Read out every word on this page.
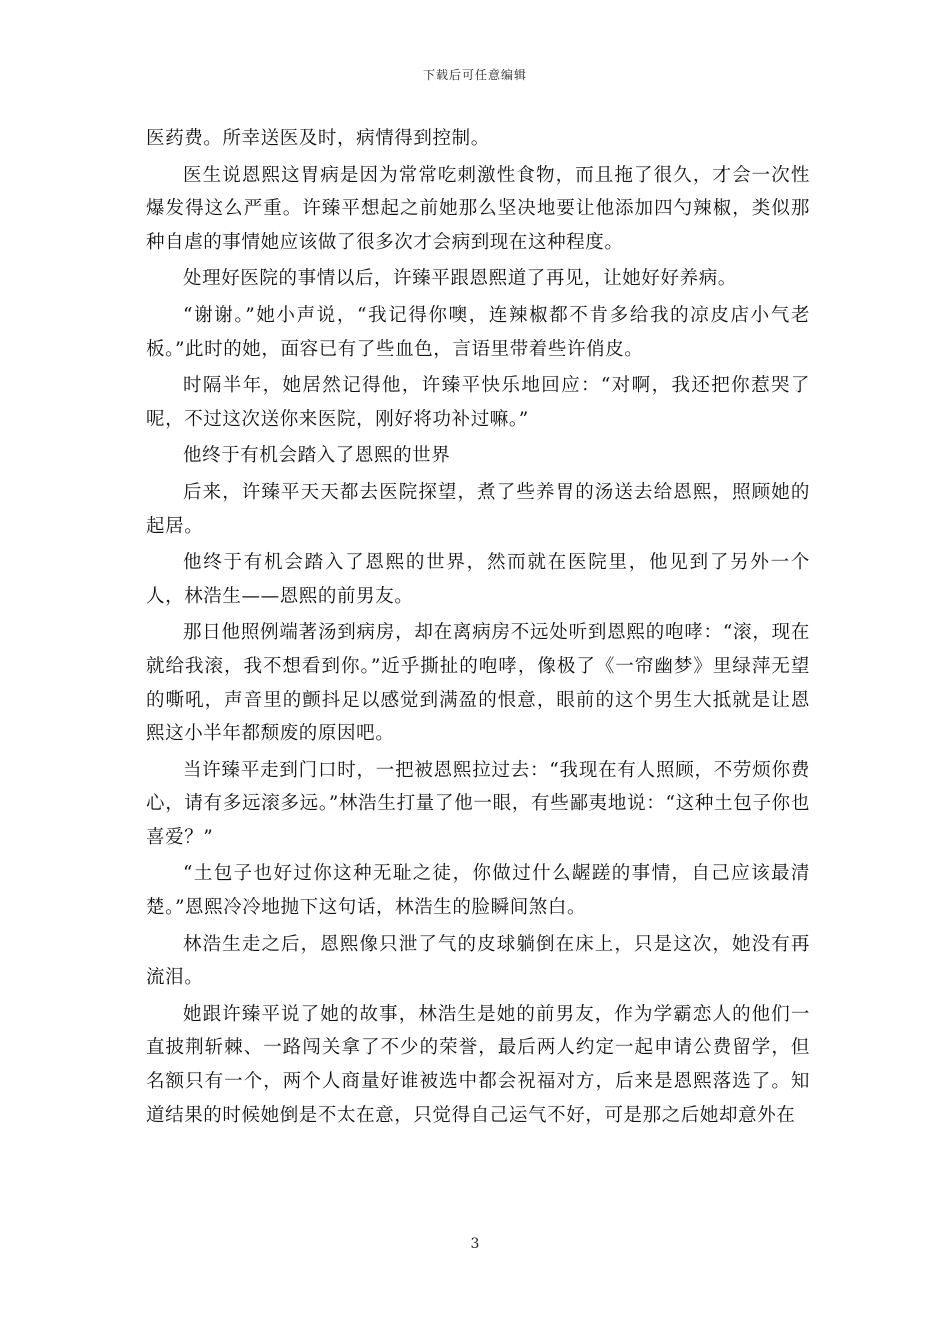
下载后可任意编辑

医药费。所幸送医及时，病情得到控制。

医生说恩熙这胃病是因为常常吃刺激性食物，而且拖了很久，才会一次性爆发得这么严重。许臻平想起之前她那么坚决地要让他添加四勺辣椒，类似那种自虐的事情她应该做了很多次才会病到现在这种程度。

处理好医院的事情以后，许臻平跟恩熙道了再见，让她好好养病。

“谢谢。”她小声说，“我记得你噢，连辣椒都不肯多给我的凉皮店小气老板。”此时的她，面容已有了些血色，言语里带着些许俏皮。

时隔半年，她居然记得他，许臻平快乐地回应：“对啊，我还把你惹哭了呢，不过这次送你来医院，刚好将功补过嘛。”

他终于有机会踏入了恩熙的世界

后来，许臻平天天都去医院探望，煮了些养胃的汤送去给恩熙，照顾她的起居。

他终于有机会踏入了恩熙的世界，然而就在医院里，他见到了另外一个人，林浩生——恩熙的前男友。

那日他照例端著汤到病房，却在离病房不远处听到恩熙的咆哮：“滚，现在就给我滚，我不想看到你。”近乎撕扯的咆哮，像极了《一帘幽梦》里绿萍无望的嘶吼，声音里的颤抖足以感觉到满盈的恨意，眼前的这个男生大抵就是让恩熙这小半年都颓废的原因吧。

当许臻平走到门口时，一把被恩熙拉过去：“我现在有人照顾，不劳烦你费心，请有多远滚多远。”林浩生打量了他一眼，有些鄙夷地说：“这种土包子你也喜爱？”

“土包子也好过你这种无耻之徒，你做过什么龌蹉的事情，自己应该最清楚。”恩熙冷冷地抛下这句话，林浩生的脸瞬间煞白。

林浩生走之后，恩熙像只泄了气的皮球躺倒在床上，只是这次，她没有再流泪。

她跟许臻平说了她的故事，林浩生是她的前男友，作为学霸恋人的他们一直披荆斩棘、一路闯关拿了不少的荣誉，最后两人约定一起申请公费留学，但名额只有一个，两个人商量好谁被选中都会祝福对方，后来是恩熙落选了。知道结果的时候她倒是不太在意，只觉得自己运气不好，可是那之后她却意外在

3
